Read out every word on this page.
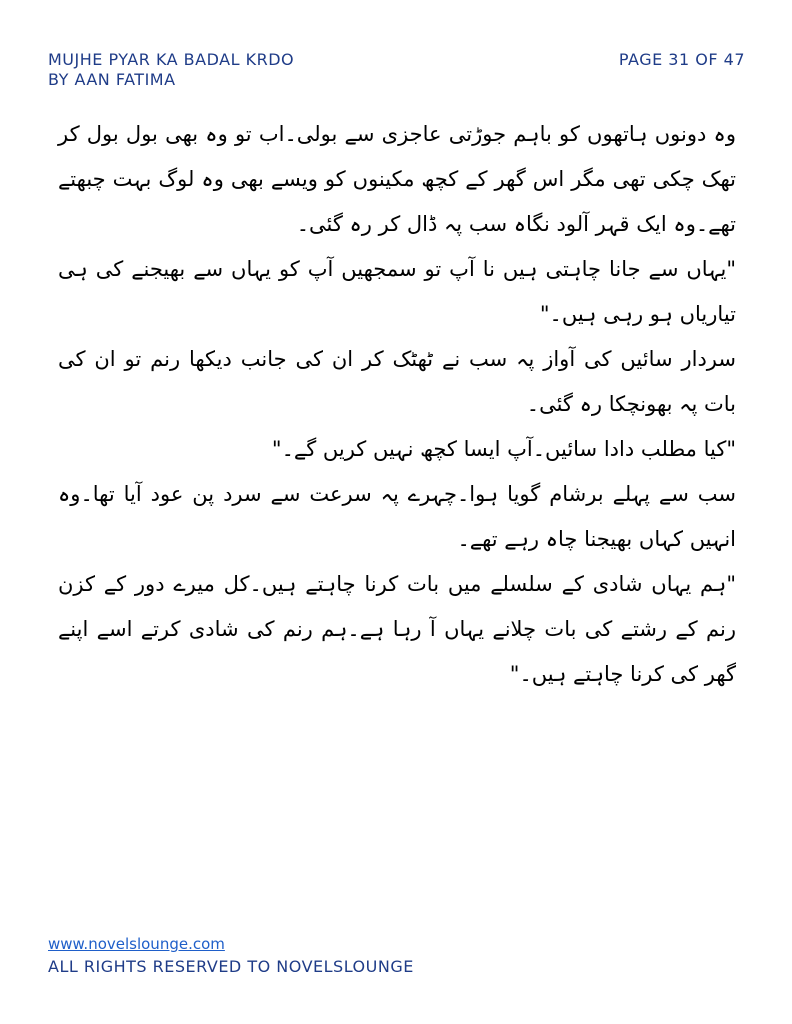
MUJHE PYAR KA BADAL KRDO
BY AAN FATIMA
PAGE 31 OF 47

وہ دونوں ہاتھوں کو باہم جوڑتی عاجزی سے بولی۔اب تو وہ بھی بول بول کر تھک چکی تھی مگر اس گھر کے کچھ مکینوں کو ویسے بھی وہ لوگ بہت چبھتے تھے۔وہ ایک قہر آلود نگاہ سب پہ ڈال کر رہ گئی۔

"یہاں سے جانا چاہتی ہیں نا آپ تو سمجھیں آپ کو یہاں سے بھیجنے کی ہی تیاریاں ہو رہی ہیں۔"

سردار سائیں کی آواز پہ سب نے ٹھٹک کر ان کی جانب دیکھا رنم تو ان کی بات پہ بھونچکا رہ گئی۔

"کیا مطلب دادا سائیں۔آپ ایسا کچھ نہیں کریں گے۔"

سب سے پہلے برشام گویا ہوا۔چہرے پہ سرعت سے سرد پن عود آیا تھا۔وہ انہیں کہاں بھیجنا چاہ رہے تھے۔

"ہم یہاں شادی کے سلسلے میں بات کرنا چاہتے ہیں۔کل میرے دور کے کزن رنم کے رشتے کی بات چلانے یہاں آ رہا ہے۔ہم رنم کی شادی کرتے اسے اپنے گھر کی کرنا چاہتے ہیں۔"

www.novelslounge.com
ALL RIGHTS RESERVED TO NOVELSLOUNGE
